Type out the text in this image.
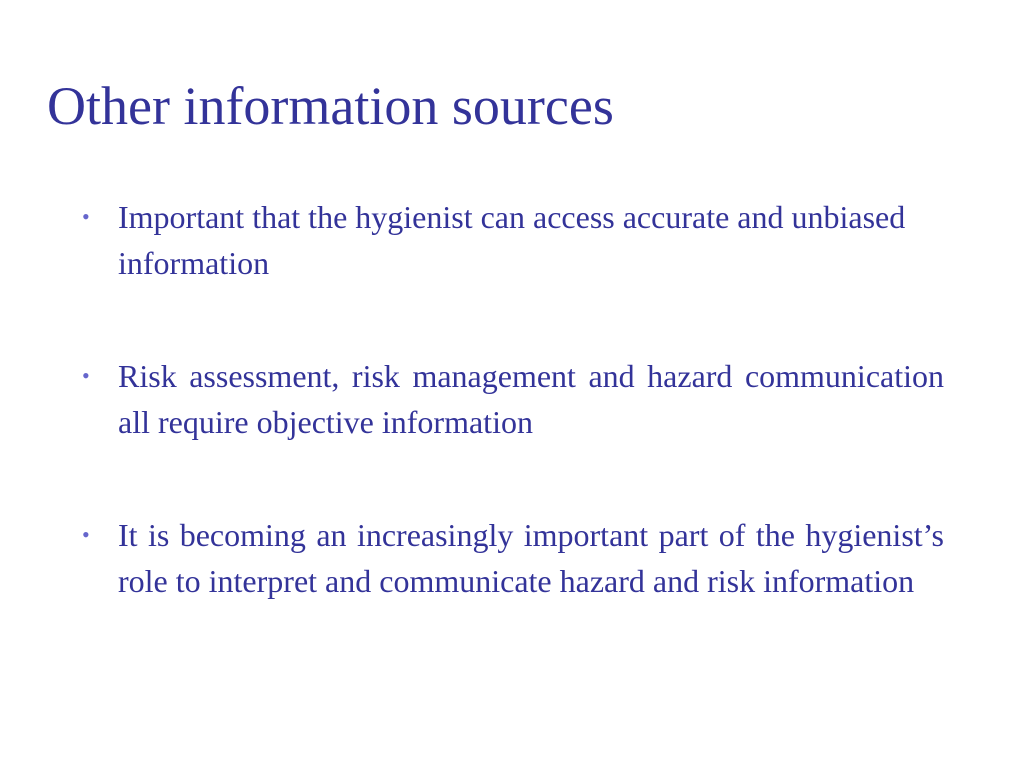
Other information sources
• Important that the hygienist can access accurate and unbiased information
• Risk assessment, risk management and hazard communication all require objective information
• It is becoming an increasingly important part of the hygienist’s role to interpret and communicate hazard and risk information
